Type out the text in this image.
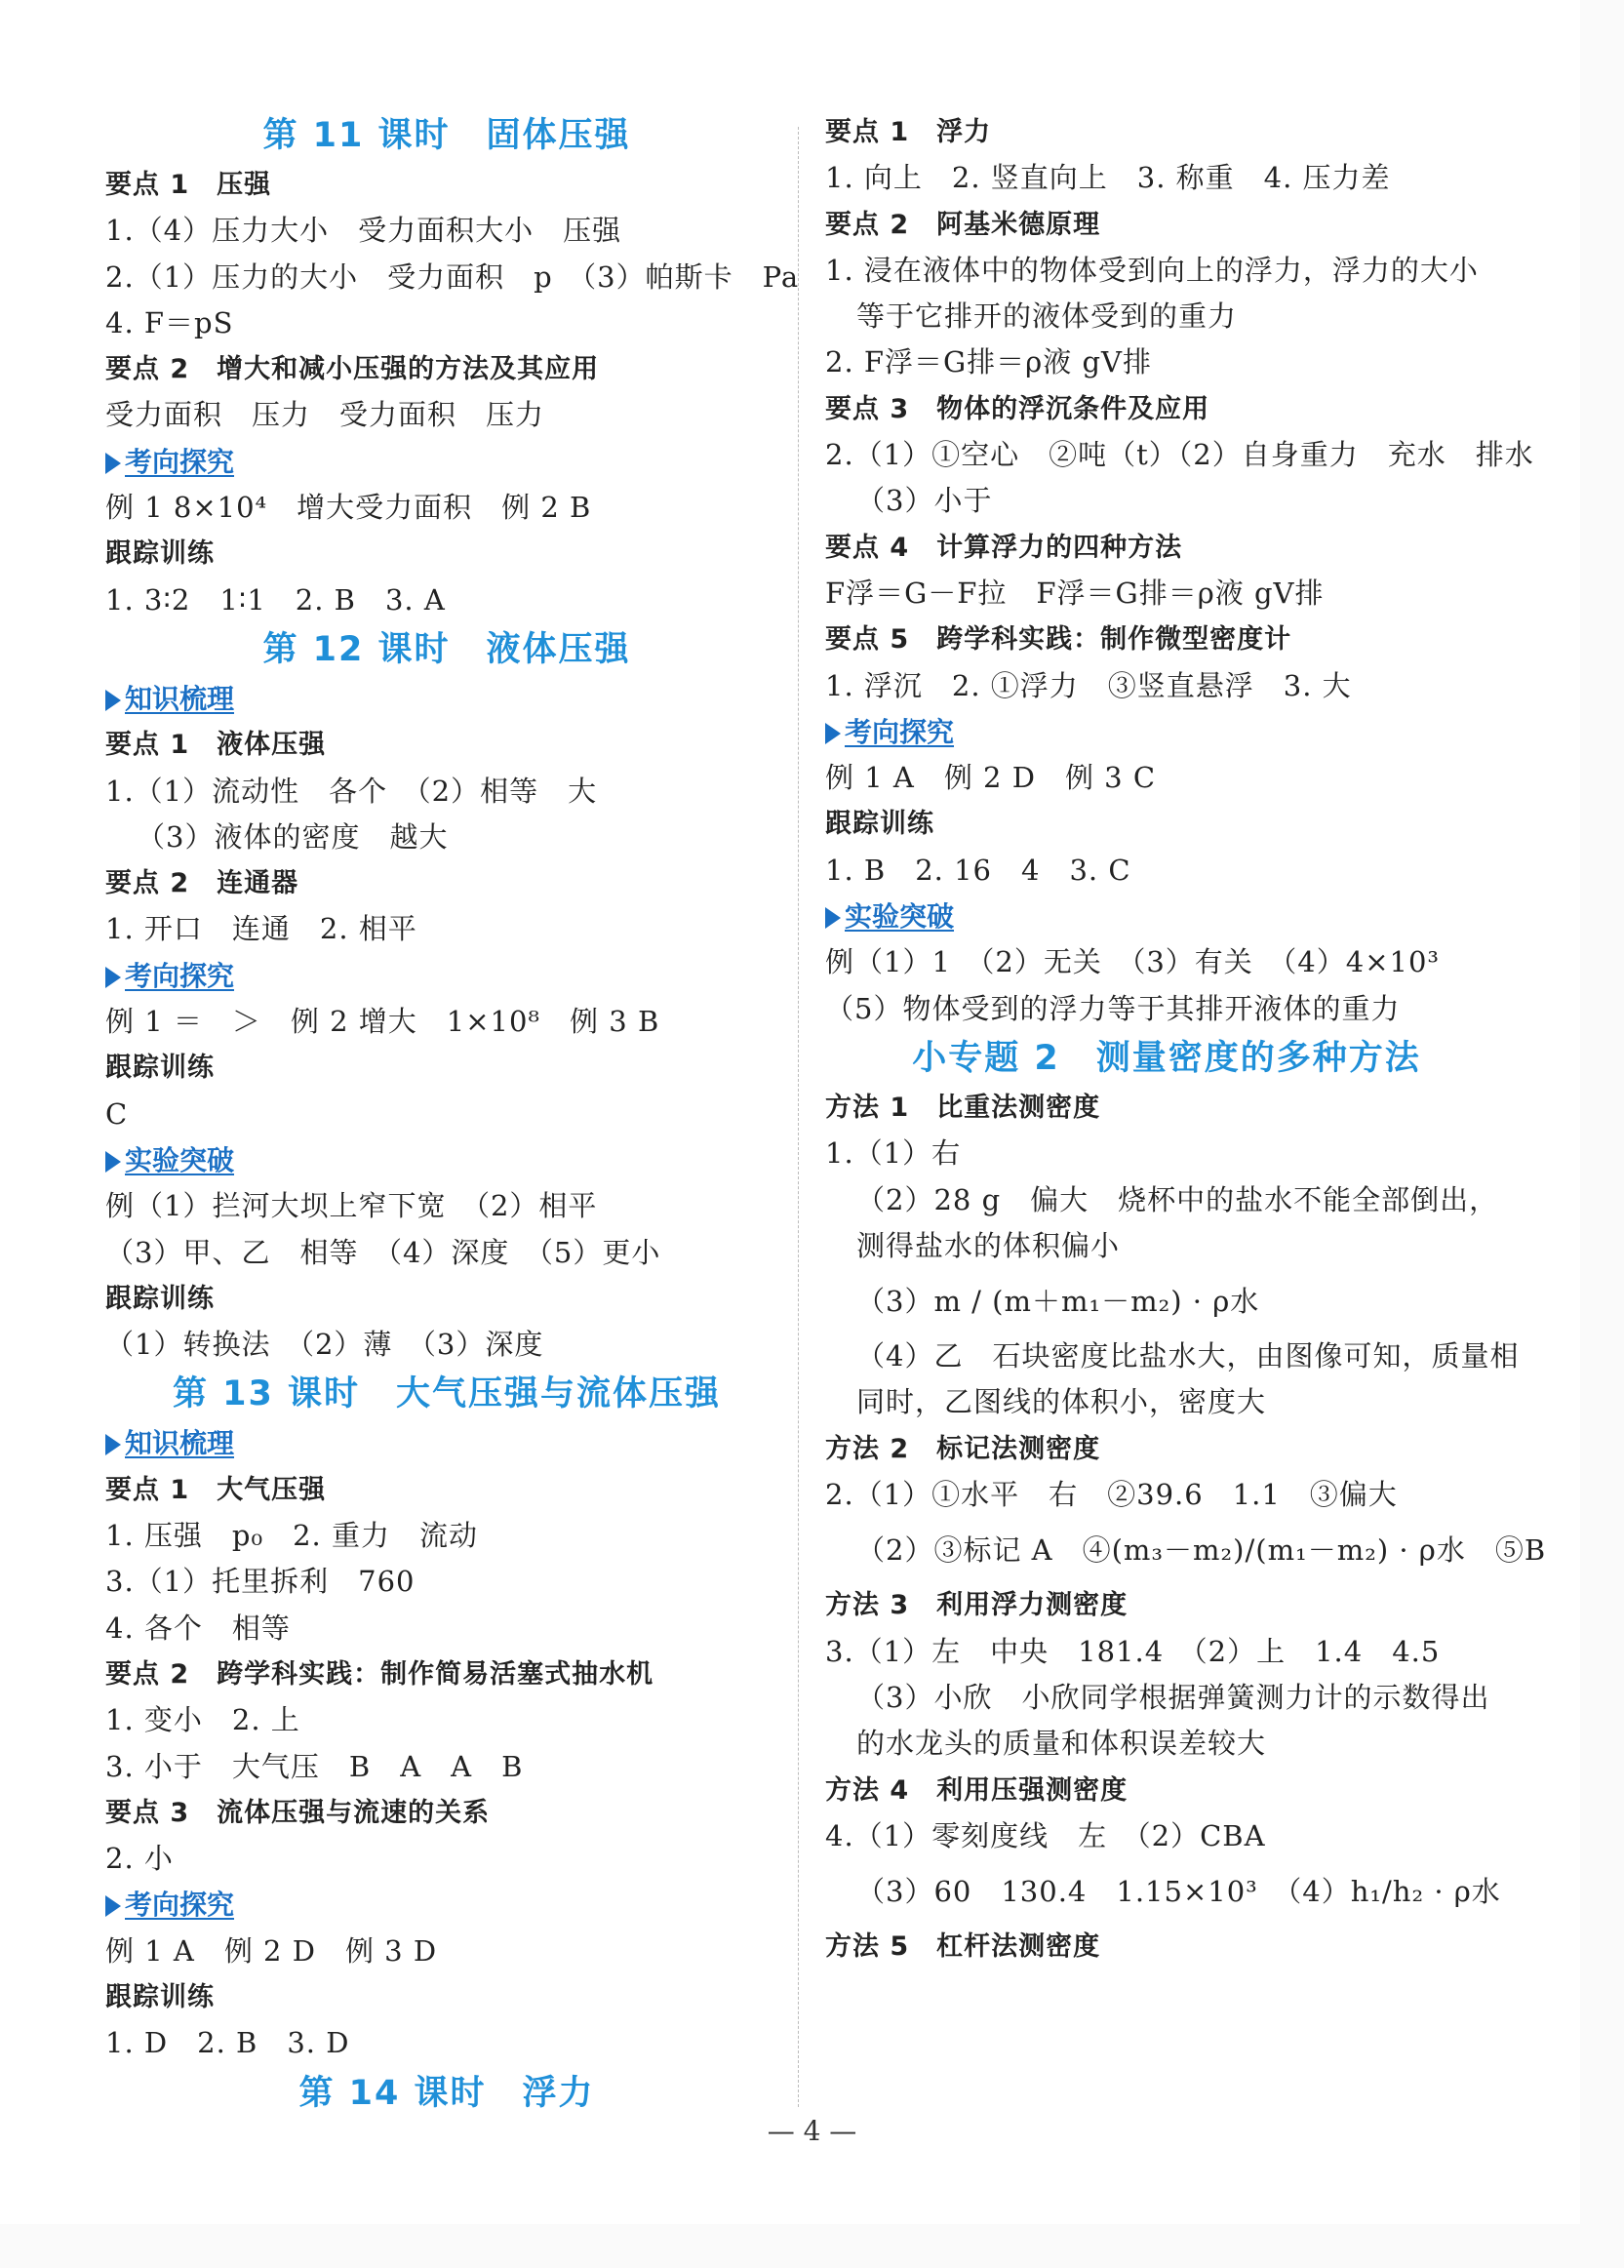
第 11 课时　固体压强
要点 1　压强
1.（4）压力大小　受力面积大小　压强
2.（1）压力的大小　受力面积　p　（3）帕斯卡　Pa
4. F＝pS
要点 2　增大和减小压强的方法及其应用
受力面积　压力　受力面积　压力
考向探究
例 1 8×10⁴　增大受力面积　例 2 B
跟踪训练
1. 3∶2　1∶1　2. B　3. A
第 12 课时　液体压强
知识梳理
要点 1　液体压强
1.（1）流动性　各个　（2）相等　大
（3）液体的密度　越大
要点 2　连通器
1. 开口　连通　2. 相平
考向探究
例 1 ＝　＞　例 2 增大　1×10⁸　例 3 B
跟踪训练
C
实验突破
例（1）拦河大坝上窄下宽　（2）相平
（3）甲、乙　相等　（4）深度　（5）更小
跟踪训练
（1）转换法　（2）薄　（3）深度
第 13 课时　大气压强与流体压强
知识梳理
要点 1　大气压强
1. 压强　p₀　2. 重力　流动
3.（1）托里拆利　760
4. 各个　相等
要点 2　跨学科实践：制作简易活塞式抽水机
1. 变小　2. 上
3. 小于　大气压　B　A　A　B
要点 3　流体压强与流速的关系
2. 小
考向探究
例 1 A　例 2 D　例 3 D
跟踪训练
1. D　2. B　3. D
第 14 课时　浮力
要点 1　浮力
1. 向上　2. 竖直向上　3. 称重　4. 压力差
要点 2　阿基米德原理
1. 浸在液体中的物体受到向上的浮力，浮力的大小
等于它排开的液体受到的重力
2. F浮＝G排＝ρ液 gV排
要点 3　物体的浮沉条件及应用
2.（1）①空心　②吨（t）（2）自身重力　充水　排水
（3）小于
要点 4　计算浮力的四种方法
F浮＝G－F拉　F浮＝G排＝ρ液 gV排
要点 5　跨学科实践：制作微型密度计
1. 浮沉　2. ①浮力　③竖直悬浮　3. 大
考向探究
例 1 A　例 2 D　例 3 C
跟踪训练
1. B　2. 16　4　3. C
实验突破
例（1）1　（2）无关　（3）有关　（4）4×10³
（5）物体受到的浮力等于其排开液体的重力
小专题 2　测量密度的多种方法
方法 1　比重法测密度
1.（1）右
（2）28 g　偏大　烧杯中的盐水不能全部倒出，
测得盐水的体积偏小
（3）m / (m＋m₁－m₂) · ρ水
（4）乙　石块密度比盐水大，由图像可知，质量相
同时，乙图线的体积小，密度大
方法 2　标记法测密度
2.（1）①水平　右　②39.6　1.1　③偏大
（2）③标记 A　④(m₃－m₂)/(m₁－m₂) · ρ水　⑤B
方法 3　利用浮力测密度
3.（1）左　中央　181.4　（2）上　1.4　4.5
（3）小欣　小欣同学根据弹簧测力计的示数得出
的水龙头的质量和体积误差较大
方法 4　利用压强测密度
4.（1）零刻度线　左　（2）CBA
（3）60　130.4　1.15×10³　（4）h₁/h₂ · ρ水
方法 5　杠杆法测密度
— 4 —
